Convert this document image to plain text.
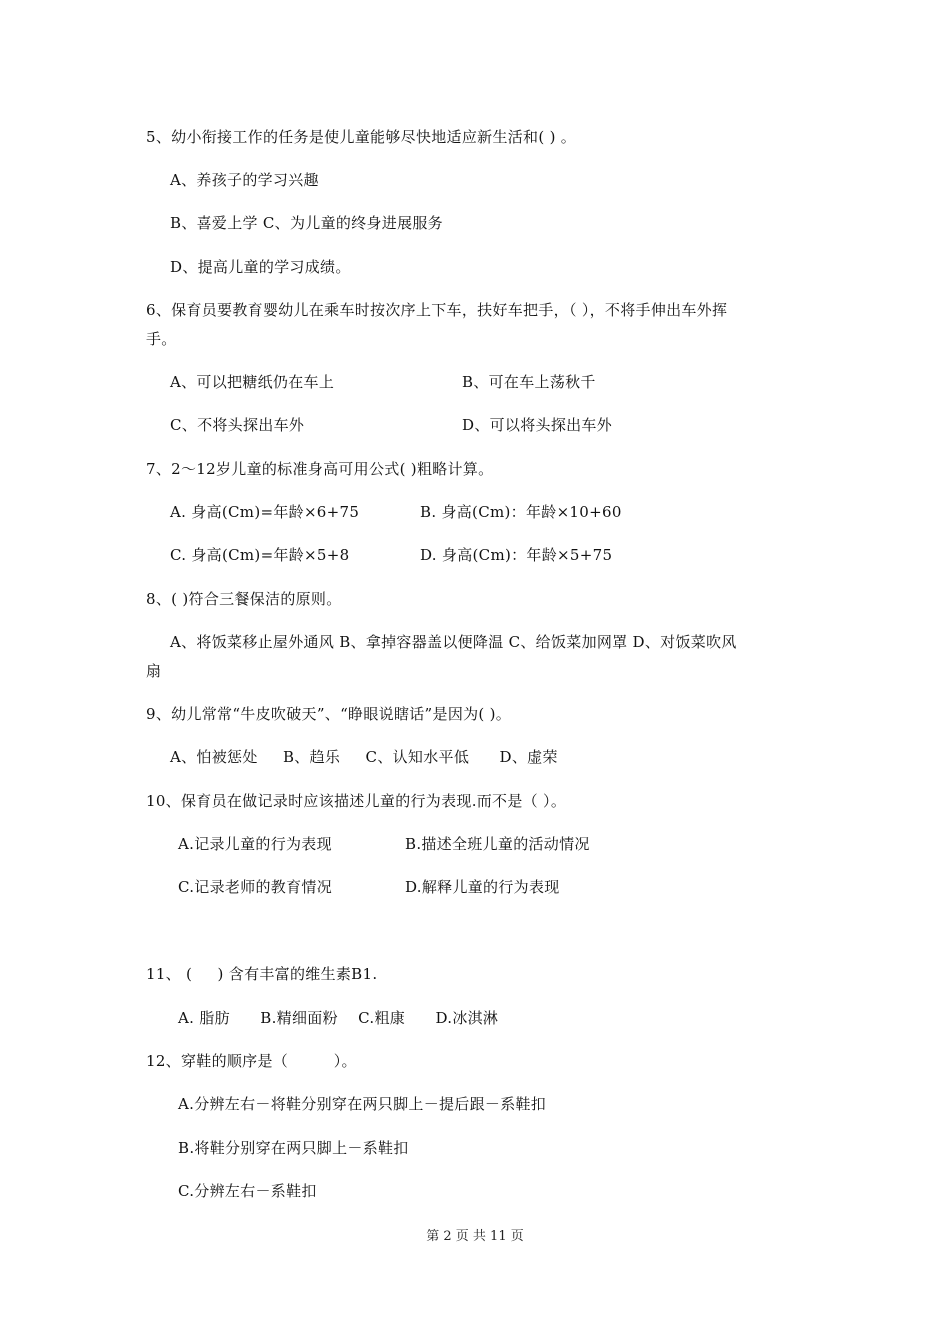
5、幼小衔接工作的任务是使儿童能够尽快地适应新生活和( ) 。
A、养孩子的学习兴趣
B、喜爱上学 C、为儿童的终身进展服务
D、提高儿童的学习成绩。
6、保育员要教育婴幼儿在乘车时按次序上下车，扶好车把手，（ ），不将手伸出车外挥
手。
A、可以把糖纸仍在车上	B、可在车上荡秋千
C、不将头探出车外	D、可以将头探出车外
7、2～12岁儿童的标准身高可用公式( )粗略计算。
A. 身高(Cm)=年龄×6+75	B. 身高(Cm)：年龄×10+60
C. 身高(Cm)=年龄×5+8	D. 身高(Cm)：年龄×5+75
8、( )符合三餐保洁的原则。
A、将饭菜移止屋外通风 B、拿掉容器盖以便降温 C、给饭菜加网罩 D、对饭菜吹风
扇
9、幼儿常常“牛皮吹破天”、“睁眼说瞎话”是因为( )。
A、怕被惩处     B、趋乐     C、认知水平低      D、虚荣
10、保育员在做记录时应该描述儿童的行为表现.而不是（ ）。
A.记录儿童的行为表现	B.描述全班儿童的活动情况
C.记录老师的教育情况	D.解释儿童的行为表现
11、 (     ) 含有丰富的维生素B1.
A. 脂肪      B.精细面粉    C.粗康      D.冰淇淋
12、穿鞋的顺序是（         ）。
A.分辨左右－将鞋分别穿在两只脚上－提后跟－系鞋扣
B.将鞋分别穿在两只脚上－系鞋扣
C.分辨左右－系鞋扣
第 2 页 共 11 页
